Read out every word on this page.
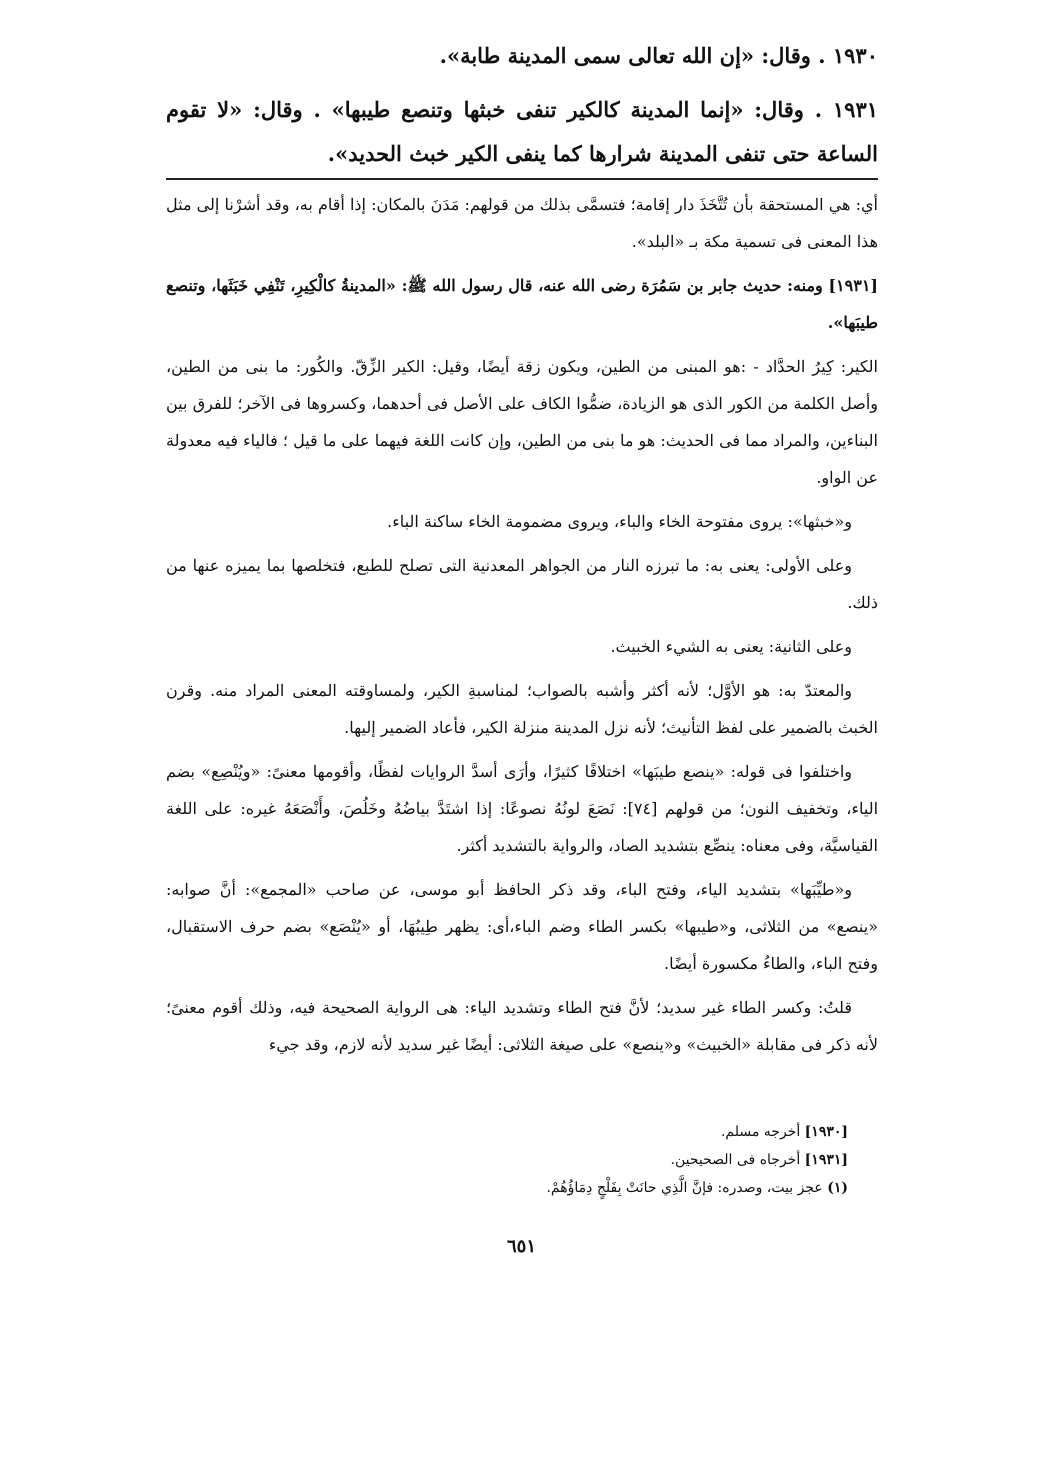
١٩٣٠ . وقال: «إن الله تعالى سمى المدينة طابة».
١٩٣١ . وقال: «إنما المدينة كالكير تنفى خبثها وتنصع طيبها» . وقال: «لا تقوم الساعة حتى تنفى المدينة شرارها كما ينفى الكير خبث الحديد».

أي: هي المستحقة بأن تُتَّخَذَ دار إقامة؛ فتسمَّى بذلك من قولهم: مَدَنَ بالمكان: إذا أقام به، وقد أشرْنا إلى مثل هذا المعنى فى تسمية مكة بـ «البلد».

[١٩٣١] ومنه: حديث جابر بن سَمُرَة رضى الله عنه، قال رسول الله ﷺ: «المدينةُ كالْكِيرِ، تَنْفِي خَبَثَها، وتنصع طيبَها».

الكير: كِيرُ الحدَّاد - :هو المبنى من الطين، ويكون زقة أيضًا، وقيل: الكير الزِّقّ. والكُور: ما بنى من الطين، وأصل الكلمة من الكور الذى هو الزيادة، ضمُّوا الكاف على الأصل فى أحدهما، وكسروها فى الآخر؛ للفرق بين البناءين، والمراد مما فى الحديث: هو ما بنى من الطين، وإن كانت اللغة فيهما على ما قيل ؛ فالياء فيه معدولة عن الواو.

و«خبثها»: يروى مفتوحة الخاء والباء، ويروى مضمومة الخاء ساكنة الباء.

وعلى الأولى: يعنى به: ما تبرزه النار من الجواهر المعدنية التى تصلح للطبع، فتخلصها بما يميزه عنها من ذلك.

وعلى الثانية: يعنى به الشيء الخبيث.

والمعتدّ به: هو الأوَّل؛ لأنه أكثر وأشبه بالصواب؛ لمناسبةِ الكير، ولمساوقته المعنى المراد منه. وقرن الخبث بالضمير على لفظ التأنيث؛ لأنه نزل المدينة منزلة الكير، فأعاد الضمير إليها.

واختلفوا فى قوله: «ينصع طيبَها» اختلافًا كثيرًا، وأرَى أسدَّ الروايات لفظًا، وأقومها معنىً: «ويُنْصِع» بضم الياء، وتخفيف النون؛ من قولهم [٧٤]: نَصَعَ لونُهُ نصوعًا: إذا اشتَدَّ بياضُهُ وخَلُصَ، وأَنْصَعَهُ غيره: على اللغة القياسيَّة، وفى معناه: ينصِّع بتشديد الصاد، والرواية بالتشديد أكثر.

و«طيِّبَها» بتشديد الياء، وفتح الباء، وقد ذكر الحافظ أبو موسى، عن صاحب «المجمع»: أنَّ صوابه: «ينصع» من الثلاثى، و«طيبها» بكسر الطاء وضم الباء،أى: يظهر طِيبُهَا، أو «يُنْصَع» بضم حرف الاستقبال، وفتح الباء، والطاءُ مكسورة أيضًا.

قلتُ: وكسر الطاء غير سديد؛ لأنَّ فتح الطاء وتشديد الياء: هى الرواية الصحيحة فيه، وذلك أقوم معنىً؛ لأنه ذكر فى مقابلة «الخبيث» و«ينصع» على صيغة الثلاثى: أيضًا غير سديد لأنه لازم، وقد جيء

[١٩٣٠] أخرجه مسلم.

[١٩٣١] أخرجاه فى الصحيحين.

(١) عجز بيت، وصدره: فإنَّ الَّذِي حانَتْ بِفَلْجٍ دِمَاؤُهُمْ.

٦٥١
